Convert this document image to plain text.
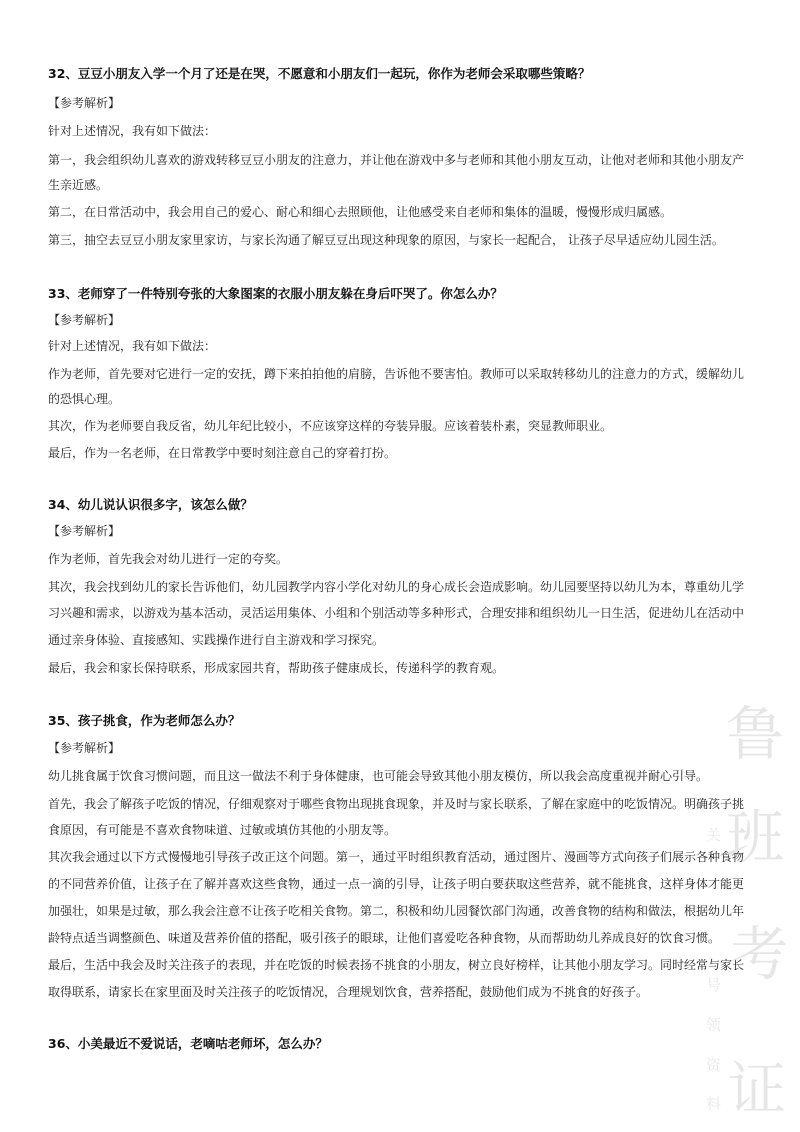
32、豆豆小朋友入学一个月了还是在哭，不愿意和小朋友们一起玩，你作为老师会采取哪些策略？
【参考解析】
针对上述情况，我有如下做法：
第一，我会组织幼儿喜欢的游戏转移豆豆小朋友的注意力，并让他在游戏中多与老师和其他小朋友互动，让他对老师和其他小朋友产
生亲近感。
第二，在日常活动中，我会用自己的爱心、耐心和细心去照顾他，让他感受来自老师和集体的温暖，慢慢形成归属感。
第三，抽空去豆豆小朋友家里家访，与家长沟通了解豆豆出现这种现象的原因，与家长一起配合， 让孩子尽早适应幼儿园生活。
33、老师穿了一件特别夸张的大象图案的衣服小朋友躲在身后吓哭了。你怎么办？
【参考解析】
针对上述情况，我有如下做法：
作为老师，首先要对它进行一定的安抚，蹲下来拍拍他的肩膀，告诉他不要害怕。教师可以采取转移幼儿的注意力的方式，缓解幼儿
的恐惧心理。
其次，作为老师要自我反省，幼儿年纪比较小，不应该穿这样的夸装异服。应该着装朴素，突显教师职业。
最后，作为一名老师，在日常教学中要时刻注意自己的穿着打扮。
34、幼儿说认识很多字，该怎么做？
【参考解析】
作为老师，首先我会对幼儿进行一定的夸奖。
其次，我会找到幼儿的家长告诉他们，幼儿园教学内容小学化对幼儿的身心成长会造成影响。幼儿园要坚持以幼儿为本，尊重幼儿学
习兴趣和需求，以游戏为基本活动，灵活运用集体、小组和个别活动等多种形式，合理安排和组织幼儿一日生活，促进幼儿在活动中
通过亲身体验、直接感知、实践操作进行自主游戏和学习探究。
最后，我会和家长保持联系，形成家园共育，帮助孩子健康成长，传递科学的教育观。
35、孩子挑食，作为老师怎么办？
【参考解析】
幼儿挑食属于饮食习惯问题，而且这一做法不利于身体健康，也可能会导致其他小朋友模仿，所以我会高度重视并耐心引导。
首先，我会了解孩子吃饭的情况，仔细观察对于哪些食物出现挑食现象，并及时与家长联系，了解在家庭中的吃饭情况。明确孩子挑
食原因，有可能是不喜欢食物味道、过敏或填仿其他的小朋友等。
其次我会通过以下方式慢慢地引导孩子改正这个问题。第一，通过平时组织教育活动，通过图片、漫画等方式向孩子们展示各种食物
的不同营养价值，让孩子在了解并喜欢这些食物，通过一点一滴的引导，让孩子明白要获取这些营养，就不能挑食，这样身体才能更
加强壮，如果是过敏，那么我会注意不让孩子吃相关食物。第二，积极和幼儿园餐饮部门沟通，改善食物的结构和做法，根据幼儿年
龄特点适当调整颜色、味道及营养价值的搭配，吸引孩子的眼球，让他们喜爱吃各种食物，从而帮助幼儿养成良好的饮食习惯。
最后，生活中我会及时关注孩子的表现，并在吃饭的时候表扬不挑食的小朋友，树立良好榜样，让其他小朋友学习。同时经常与家长
取得联系，请家长在家里面及时关注孩子的吃饭情况，合理规划饮食，营养搭配，鼓励他们成为不挑食的好孩子。
36、小美最近不爱说话，老嘀咕老师坏，怎么办？
鲁
班
考
证
关
号
领
资
料
